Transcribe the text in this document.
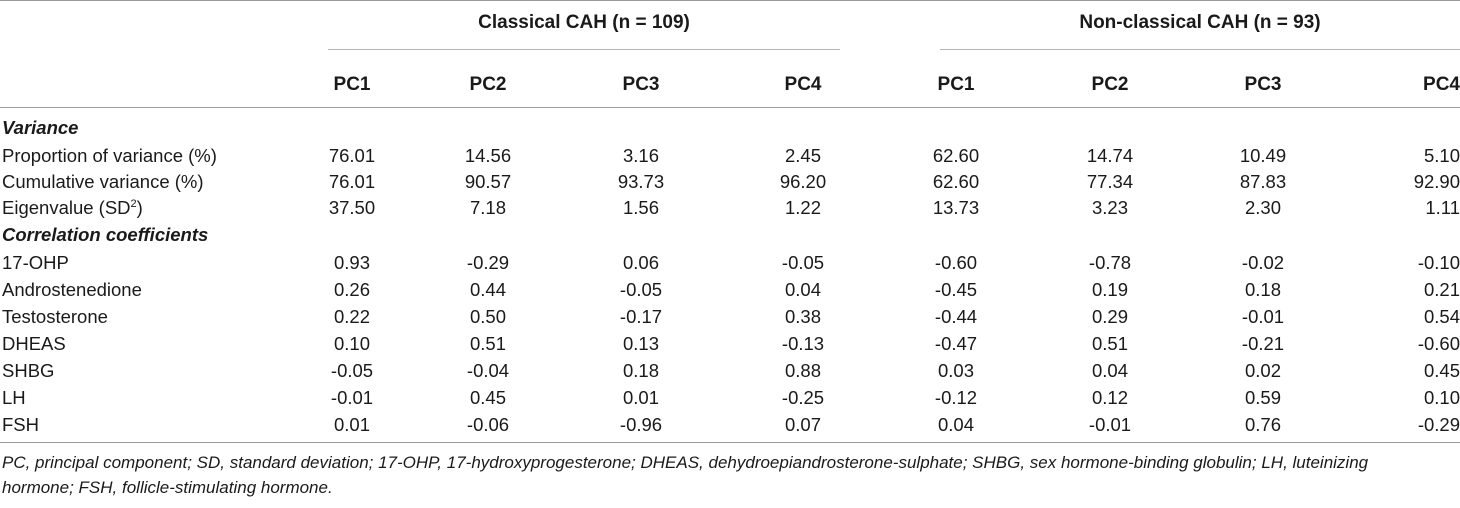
Classical CAH (n = 109)	Non-classical CAH (n = 93)
PC1	PC2	PC3	PC4	PC1	PC2	PC3	PC4
Variance
Proportion of variance (%)	76.01	14.56	3.16	2.45	62.60	14.74	10.49	5.10
Cumulative variance (%)	76.01	90.57	93.73	96.20	62.60	77.34	87.83	92.90
Eigenvalue $(SD^2)$	37.50	7.18	1.56	1.22	13.73	3.23	2.30	1.11
Correlation coefficients
17-OHP	0.93	-0.29	0.06	-0.05	-0.60	-0.78	-0.02	-0.10
Androstenedione	0.26	0.44	-0.05	0.04	-0.45	0.19	0.18	0.21
Testosterone	0.22	0.50	-0.17	0.38	-0.44	0.29	-0.01	0.54
DHEAS	0.10	0.51	0.13	-0.13	-0.47	0.51	-0.21	-0.60
SHBG	-0.05	-0.04	0.18	0.88	0.03	0.04	0.02	0.45
LH	-0.01	0.45	0.01	-0.25	-0.12	0.12	0.59	0.10
FSH	0.01	-0.06	-0.96	0.07	0.04	-0.01	0.76	-0.29
PC, principal component; SD, standard deviation; 17-OHP, 17-hydroxyprogesterone; DHEAS, dehydroepiandrosterone-sulphate; SHBG, sex hormone-binding globulin; LH, luteinizing hormone; FSH, follicle-stimulating hormone.
